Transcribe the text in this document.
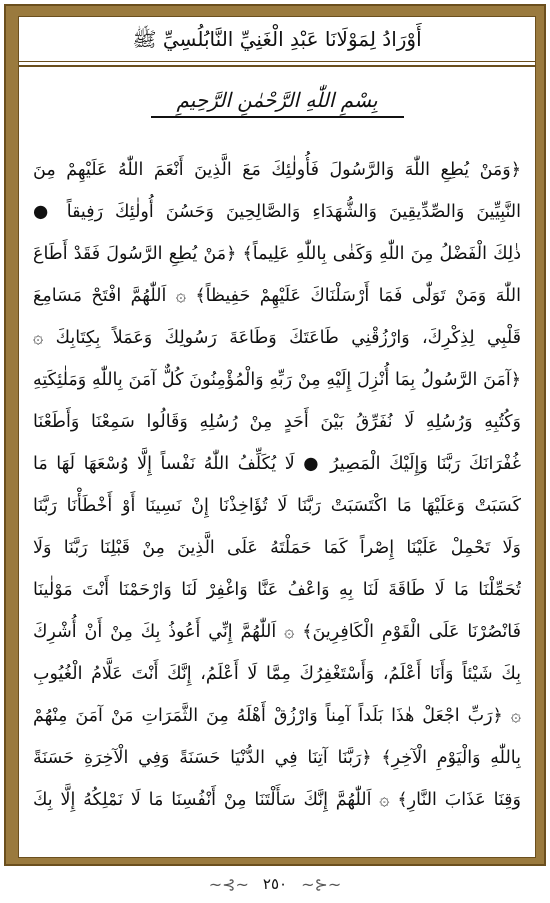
أَوْرَادُ لِمَوْلَانَا عَبْدِ الْغَنِيِّ النَّابُلُسِيِّ ﷺ
بِسْمِ اللّٰهِ الرَّحْمٰنِ الرَّحِيمِ
﴿وَمَنْ يُطِعِ اللّٰهَ وَالرَّسُولَ فَأُولٰئِكَ مَعَ الَّذِينَ أَنْعَمَ اللّٰهُ عَلَيْهِمْ مِنَ
النَّبِيِّينَ وَالصِّدِّيقِينَ وَالشُّهَدَاءِ وَالصَّالِحِينَ وَحَسُنَ أُولٰئِكَ رَفِيقاً ●
ذٰلِكَ الْفَضْلُ مِنَ اللّٰهِ وَكَفٰى بِاللّٰهِ عَلِيماً﴾ ﴿مَنْ يُطِعِ الرَّسُولَ فَقَدْ أَطَاعَ
اللّٰهَ وَمَنْ تَوَلّٰى فَمَا أَرْسَلْنَاكَ عَلَيْهِمْ حَفِيظاً﴾ ۞ اَللّٰهُمَّ افْتَحْ مَسَامِعَ
قَلْبِي لِذِكْرِكَ، وَارْزُقْنِي طَاعَتَكَ وَطَاعَةَ رَسُولِكَ وَعَمَلاً بِكِتَابِكَ ۞
﴿آمَنَ الرَّسُولُ بِمَا أُنْزِلَ إِلَيْهِ مِنْ رَبِّهِ وَالْمُؤْمِنُونَ كُلٌّ آمَنَ بِاللّٰهِ وَمَلٰئِكَتِهِ
وَكُتُبِهِ وَرُسُلِهِ لَا نُفَرِّقُ بَيْنَ أَحَدٍ مِنْ رُسُلِهِ وَقَالُوا سَمِعْنَا وَأَطَعْنَا
غُفْرَانَكَ رَبَّنَا وَإِلَيْكَ الْمَصِيرُ ● لَا يُكَلِّفُ اللّٰهُ نَفْساً إِلَّا وُسْعَهَا لَهَا مَا
كَسَبَتْ وَعَلَيْهَا مَا اكْتَسَبَتْ رَبَّنَا لَا تُؤَاخِذْنَا إِنْ نَسِينَا أَوْ أَخْطَأْنَا رَبَّنَا
وَلَا تَحْمِلْ عَلَيْنَا إِصْراً كَمَا حَمَلْتَهُ عَلَى الَّذِينَ مِنْ قَبْلِنَا رَبَّنَا وَلَا
تُحَمِّلْنَا مَا لَا طَاقَةَ لَنَا بِهِ وَاعْفُ عَنَّا وَاغْفِرْ لَنَا وَارْحَمْنَا أَنْتَ مَوْلٰينَا
فَانْصُرْنَا عَلَى الْقَوْمِ الْكَافِرِينَ﴾ ۞ اَللّٰهُمَّ إِنِّي أَعُوذُ بِكَ مِنْ أَنْ أُشْرِكَ
بِكَ شَيْئاً وَأَنَا أَعْلَمُ، وَأَسْتَغْفِرُكَ مِمَّا لَا أَعْلَمُ، إِنَّكَ أَنْتَ عَلَّامُ الْغُيُوبِ
۞ ﴿رَبِّ اجْعَلْ هٰذَا بَلَداً آمِناً وَارْزُقْ أَهْلَهُ مِنَ الثَّمَرَاتِ مَنْ آمَنَ مِنْهُمْ
بِاللّٰهِ وَالْيَوْمِ الْآخِرِ﴾ ﴿رَبَّنَا آتِنَا فِي الدُّنْيَا حَسَنَةً وَفِي الْآخِرَةِ حَسَنَةً
وَقِنَا عَذَابَ النَّارِ﴾ ۞ اَللّٰهُمَّ إِنَّكَ سَأَلْتَنَا مِنْ أَنْفُسِنَا مَا لَا نَمْلِكُهُ إِلَّا بِكَ
~⊰~ ٢٥٠ ~⊱~
